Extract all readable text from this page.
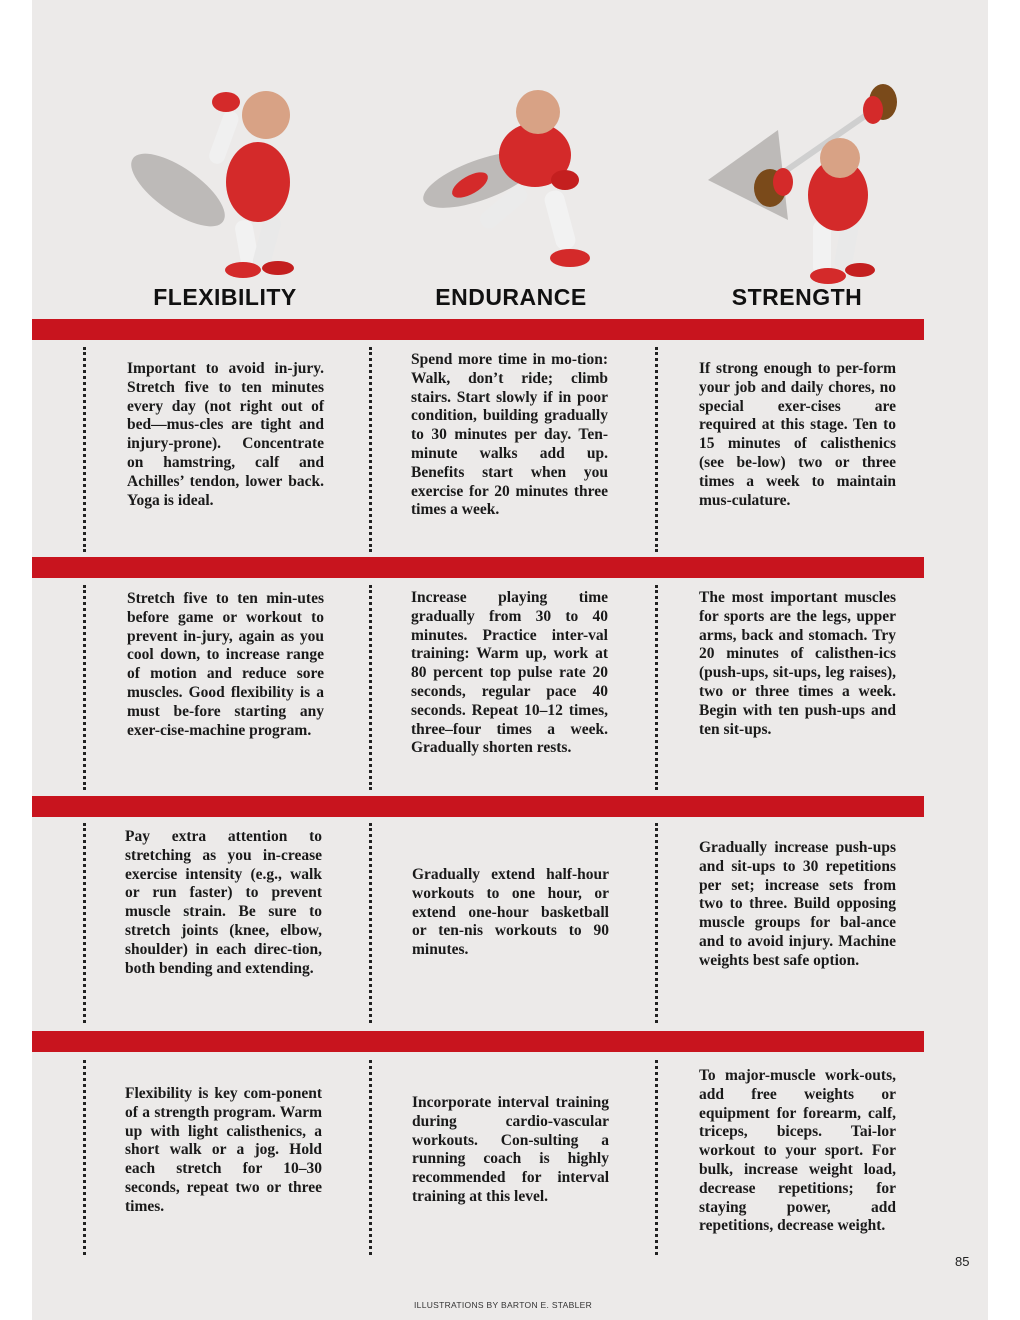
FLEXIBILITY	ENDURANCE	STRENGTH
Important to avoid in-jury. Stretch five to ten minutes every day (not right out of bed—mus-cles are tight and injury-prone). Concentrate on hamstring, calf and Achilles’ tendon, lower back. Yoga is ideal.
Spend more time in mo-tion: Walk, don’t ride; climb stairs. Start slowly if in poor condition, building gradually to 30 minutes per day. Ten-minute walks add up. Benefits start when you exercise for 20 minutes three times a week.
If strong enough to per-form your job and daily chores, no special exer-cises are required at this stage. Ten to 15 minutes of calisthenics (see be-low) two or three times a week to maintain mus-culature.
Stretch five to ten min-utes before game or workout to prevent in-jury, again as you cool down, to increase range of motion and reduce sore muscles. Good flexibility is a must be-fore starting any exer-cise-machine program.
Increase playing time gradually from 30 to 40 minutes. Practice inter-val training: Warm up, work at 80 percent top pulse rate 20 seconds, regular pace 40 seconds. Repeat 10–12 times, three–four times a week. Gradually shorten rests.
The most important muscles for sports are the legs, upper arms, back and stomach. Try 20 minutes of calisthen-ics (push-ups, sit-ups, leg raises), two or three times a week. Begin with ten push-ups and ten sit-ups.
Pay extra attention to stretching as you in-crease exercise intensity (e.g., walk or run faster) to prevent muscle strain. Be sure to stretch joints (knee, elbow, shoulder) in each direc-tion, both bending and extending.
Gradually extend half-hour workouts to one hour, or extend one-hour basketball or ten-nis workouts to 90 minutes.
Gradually increase push-ups and sit-ups to 30 repetitions per set; increase sets from two to three. Build opposing muscle groups for bal-ance and to avoid injury. Machine weights best safe option.
Flexibility is key com-ponent of a strength program. Warm up with light calisthenics, a short walk or a jog. Hold each stretch for 10–30 seconds, repeat two or three times.
Incorporate interval training during cardio-vascular workouts. Con-sulting a running coach is highly recommended for interval training at this level.
To major-muscle work-outs, add free weights or equipment for forearm, calf, triceps, biceps. Tai-lor workout to your sport. For bulk, increase weight load, decrease repetitions; for staying power, add repetitions, decrease weight.
85
ILLUSTRATIONS BY BARTON E. STABLER
